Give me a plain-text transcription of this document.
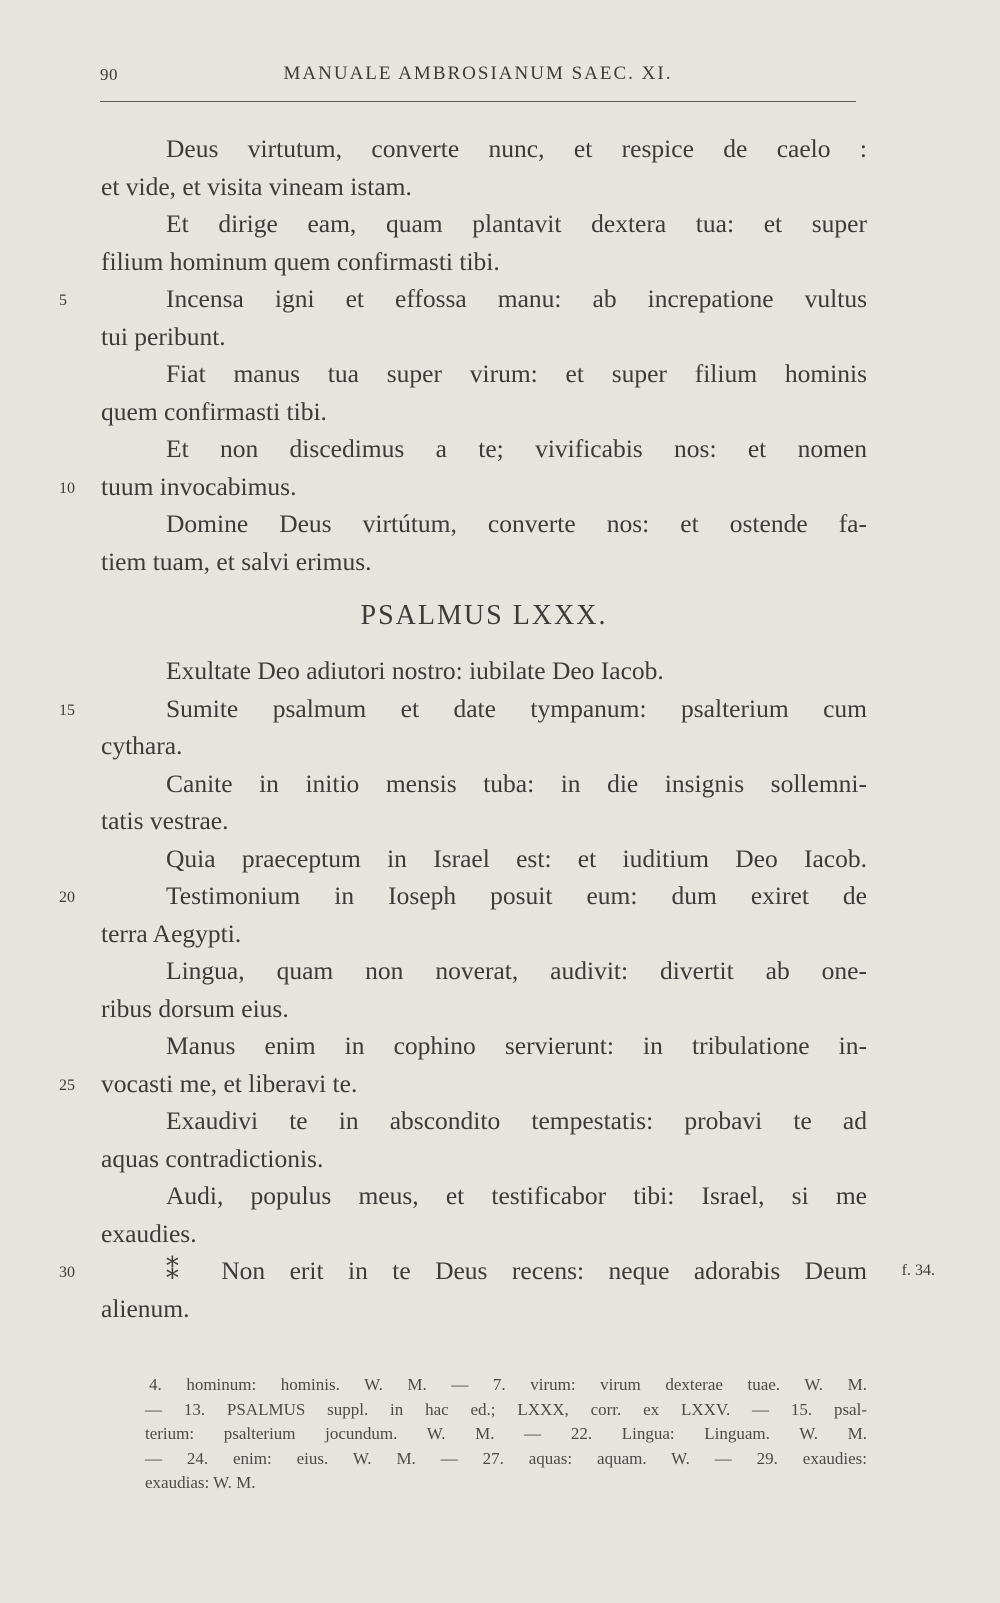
90	MANUALE AMBROSIANUM SAEC. XI.
Deus virtutum, converte nunc, et respice de caelo :
et vide, et visita vineam istam.
Et dirige eam, quam plantavit dextera tua: et super
filium hominum quem confirmasti tibi.
Incensa igni et effossa manu: ab increpatione vultus
5
tui peribunt.
Fiat manus tua super virum: et super filium hominis
quem confirmasti tibi.
Et non discedimus a te; vivificabis nos: et nomen
tuum invocabimus.
10
Domine Deus virtútum, converte nos: et ostende fa-
tiem tuam, et salvi erimus.
PSALMUS LXXX.
Exultate Deo adiutori nostro: iubilate Deo Iacob.
Sumite psalmum et date tympanum: psalterium cum
15
cythara.
Canite in initio mensis tuba: in die insignis sollemni-
tatis vestrae.
Quia praeceptum in Israel est: et iuditium Deo Iacob.
Testimonium in Ioseph posuit eum: dum exiret de
20
terra Aegypti.
Lingua, quam non noverat, audivit: divertit ab one-
ribus dorsum eius.
Manus enim in cophino servierunt: in tribulatione in-
vocasti me, et liberavi te.
25
Exaudivi te in abscondito tempestatis: probavi te ad
aquas contradictionis.
Audi, populus meus, et testificabor tibi: Israel, si me
exaudies.
⁑ Non erit in te Deus recens: neque adorabis Deum
30	f. 34.
alienum.
4. hominum: hominis. W. M. — 7. virum: virum dexterae tuae. W. M.
— 13. PSALMUS suppl. in hac ed.; LXXX, corr. ex LXXV. — 15. psal-
terium: psalterium jocundum. W. M. — 22. Lingua: Linguam. W. M.
— 24. enim: eius. W. M. — 27. aquas: aquam. W. — 29. exaudies:
exaudias: W. M.
